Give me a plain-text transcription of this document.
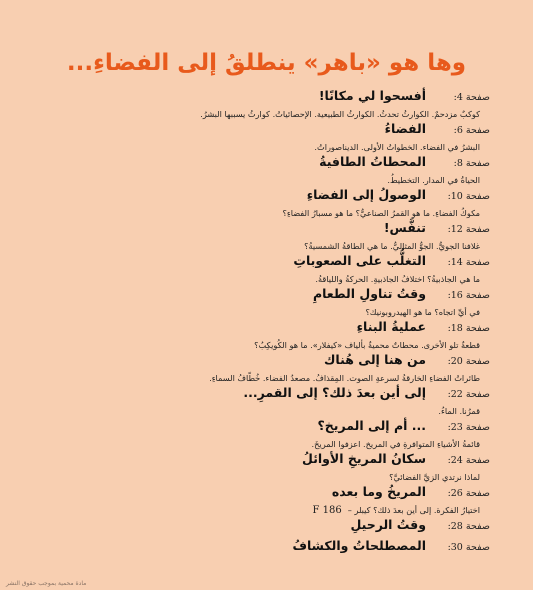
وها هو «باهر» ينطلقُ إلى الفضاءِ...
صفحة 4:
أفسحوا لي مكانًا!
كوكبٌ مزدحمٌ. الكوارثُ تحدثُ. الكوارثُ الطبيعية. الإحصائياتُ. كوارثُ يسببها البشرُ.
صفحة 6:
الفضاءُ
البشرُ في الفضاء. الخطواتُ الأولى. الديناصوراتُ.
صفحة 8:
المحطاتُ الطافيةُ
الحياةُ في المدار. التخطيطُ.
صفحة 10:
الوصولُ إلى الفضاءِ
مكوكُ الفضاءِ. ما هو القمرُ الصناعيُّ؟ ما هو مسبارُ الفضاءِ؟
صفحة 12:
تنفَّس!
غلافنا الجويُّ. الجوُّ المثاليُّ. ما هي الطاقةُ الشمسيةُ؟
صفحة 14:
التغلُّب على الصعوباتِ
ما هي الجاذبيةُ؟ اختلافُ الجاذبيةِ. الحركةُ واللياقةُ.
صفحة 16:
وقتُ تناولِ الطعامِ
في أيِّ اتجاه؟ ما هو الهيدروبونيك؟
صفحة 18:
عمليةُ البناءِ
قطعةٌ تلو الأخرى. محطاتٌ محميةٌ بألياف «كيفلار». ما هو الكُويكِبُ؟
صفحة 20:
من هنا إلى هُناك
طائراتُ الفضاءِ الخارقةُ لسرعةِ الصوت. المِقذافُ. مصعدُ الفضاء. خُطّافُ السماءِ.
صفحة 22:
إلى أين بعدَ ذلك؟ إلى القمرِ...
قمرُنا. الماءُ.
صفحة 23:
... أم إلى المريخ؟
قائمةُ الأشياءِ المتوافرةِ في المريخ. اعزفوا المريخَ.
صفحة 24:
سكانُ المريخِ الأوائلُ
لماذا نرتدي الزيَّ الفضائيَّ؟
صفحة 26:
المريخُ وما بعده
اختيارُ الفكرة. إلى أين بعدَ ذلك؟ كيبلر –186 F
صفحة 28:
وقتُ الرحيلِ
صفحة 30:
المصطلحاتُ والكشافُ
مادة محمية بموجب حقوق النشر
